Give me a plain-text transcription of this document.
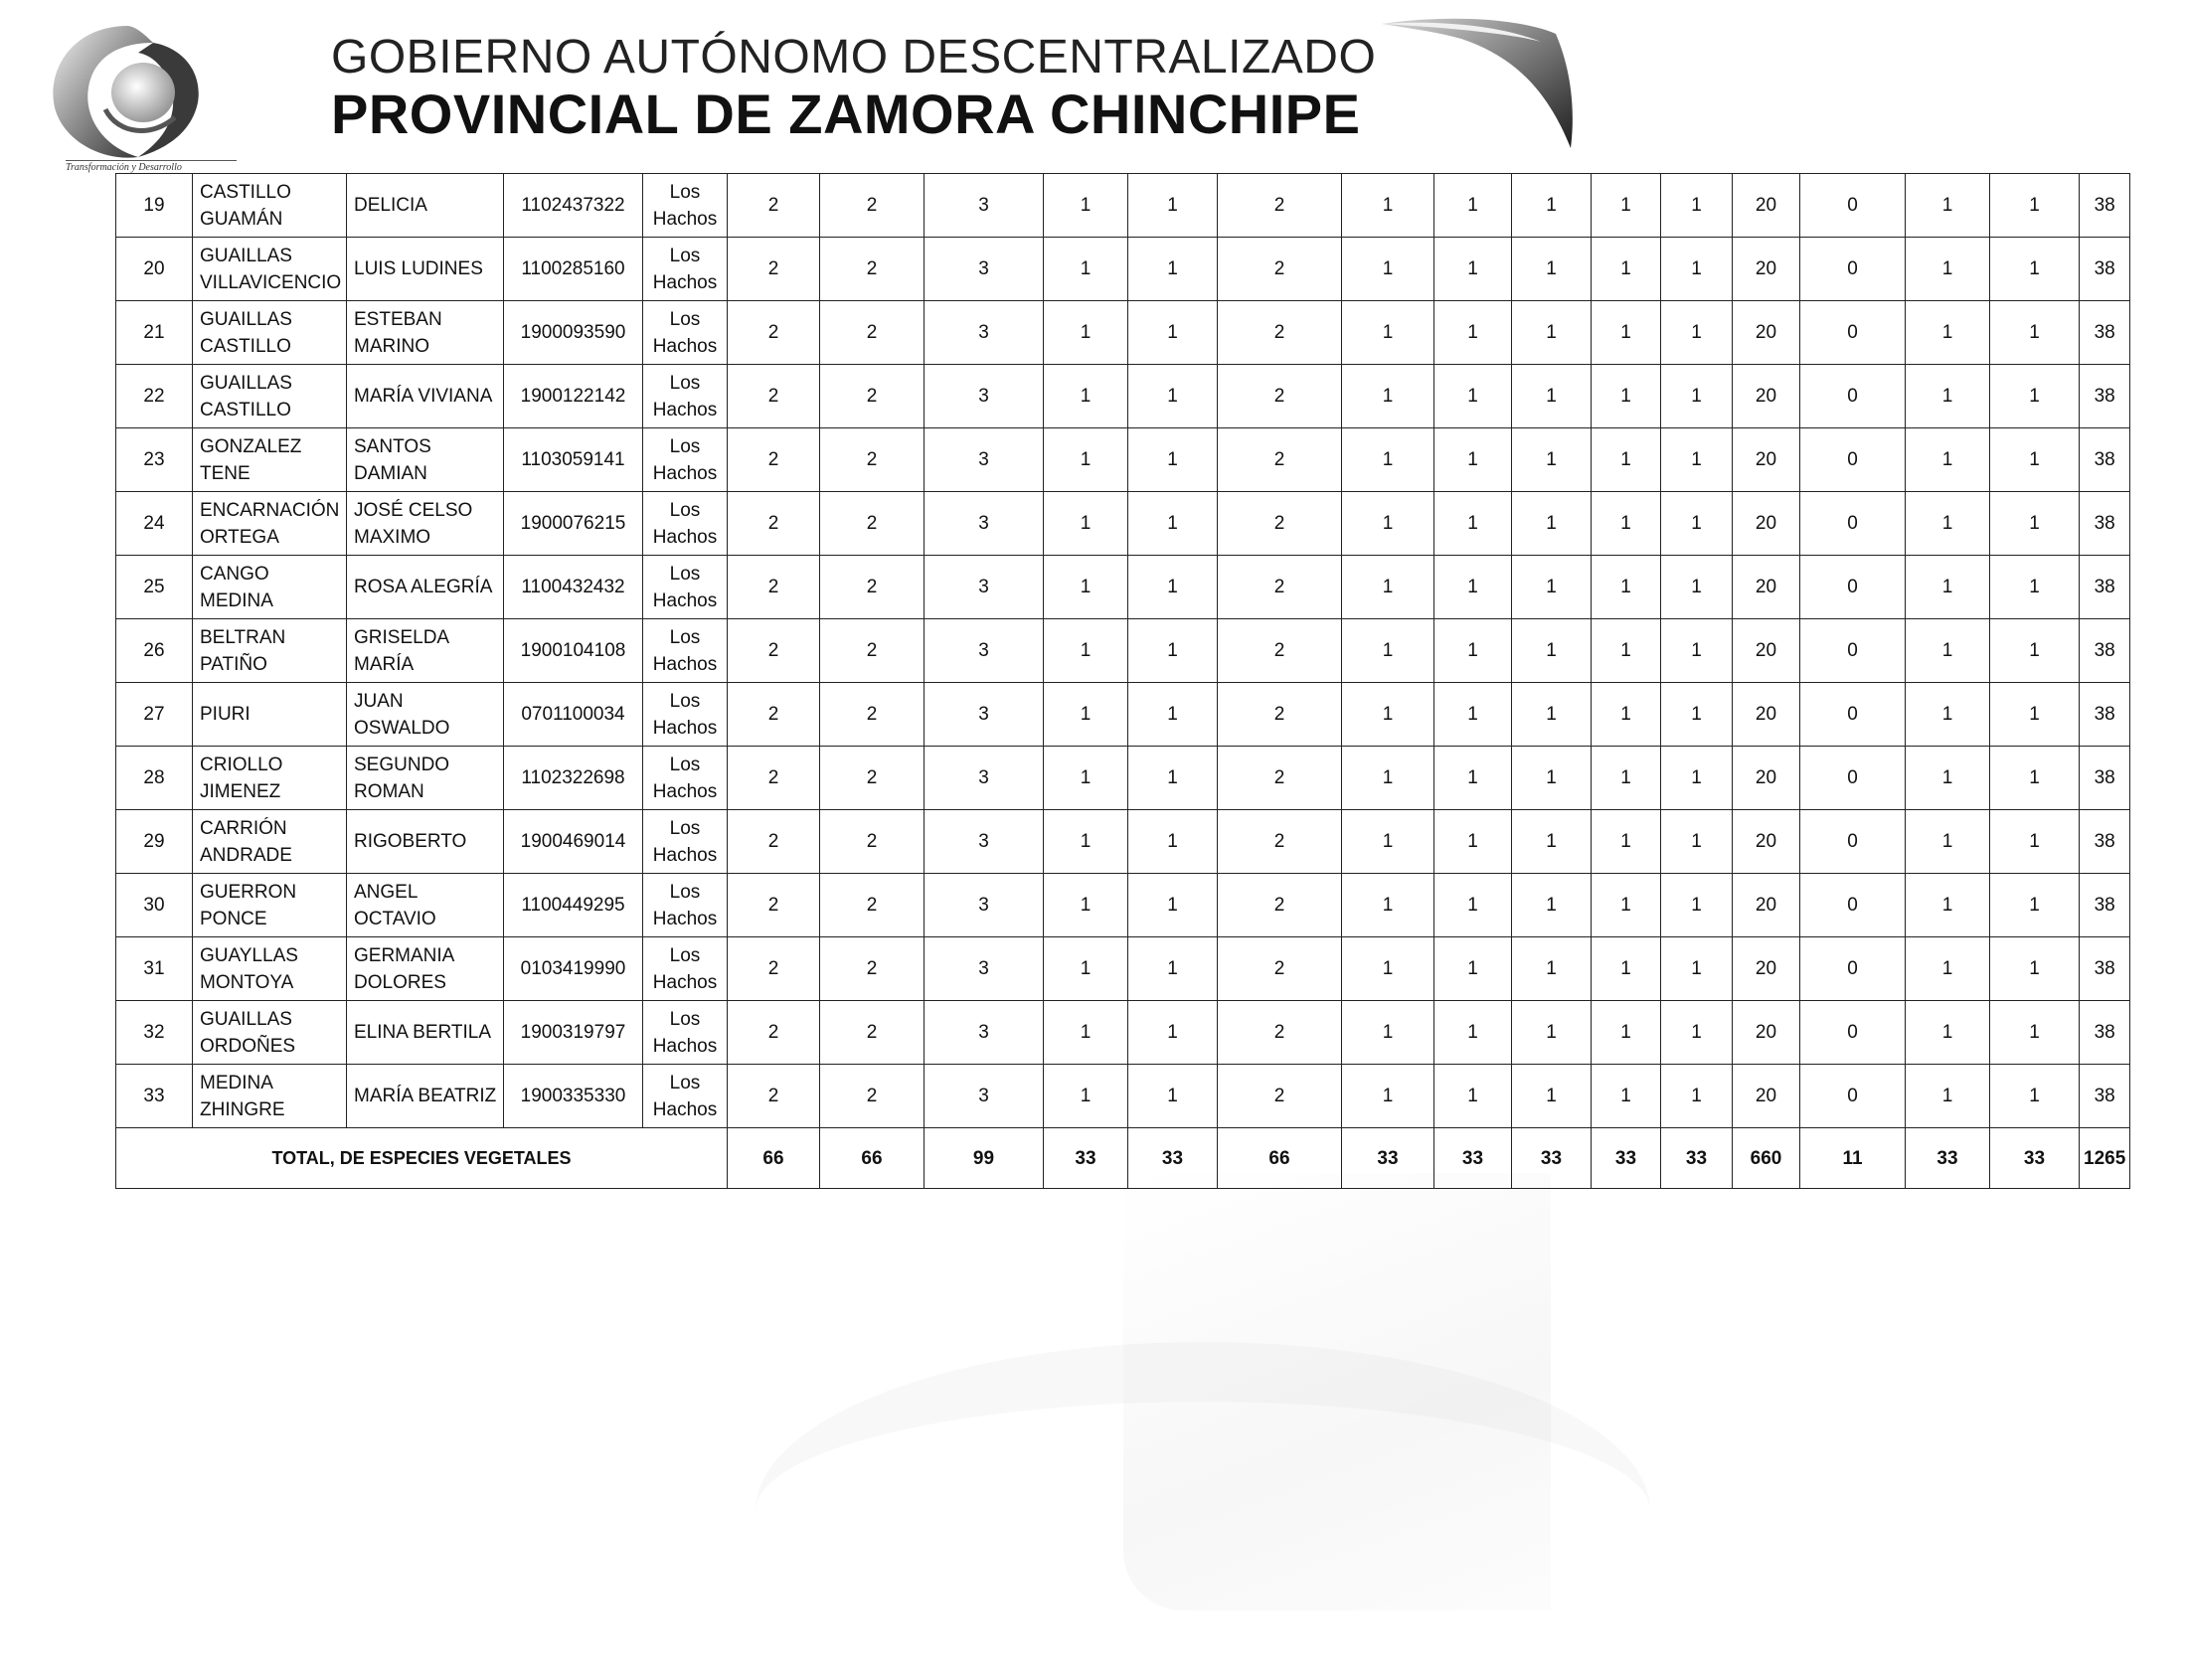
Transformación y Desarrollo
GOBIERNO AUTÓNOMO DESCENTRALIZADO
PROVINCIAL DE ZAMORA CHINCHIPE
19	CASTILLO GUAMÁN	DELICIA	1102437322	Los Hachos	2	2	3	1	1	2	1	1	1	1	1	20	0	1	1	38
20	GUAILLAS VILLAVICENCIO	LUIS LUDINES	1100285160	Los Hachos	2	2	3	1	1	2	1	1	1	1	1	20	0	1	1	38
21	GUAILLAS CASTILLO	ESTEBAN MARINO	1900093590	Los Hachos	2	2	3	1	1	2	1	1	1	1	1	20	0	1	1	38
22	GUAILLAS CASTILLO	MARÍA VIVIANA	1900122142	Los Hachos	2	2	3	1	1	2	1	1	1	1	1	20	0	1	1	38
23	GONZALEZ TENE	SANTOS DAMIAN	1103059141	Los Hachos	2	2	3	1	1	2	1	1	1	1	1	20	0	1	1	38
24	ENCARNACIÓN ORTEGA	JOSÉ CELSO MAXIMO	1900076215	Los Hachos	2	2	3	1	1	2	1	1	1	1	1	20	0	1	1	38
25	CANGO MEDINA	ROSA ALEGRÍA	1100432432	Los Hachos	2	2	3	1	1	2	1	1	1	1	1	20	0	1	1	38
26	BELTRAN PATIÑO	GRISELDA MARÍA	1900104108	Los Hachos	2	2	3	1	1	2	1	1	1	1	1	20	0	1	1	38
27	PIURI	JUAN OSWALDO	0701100034	Los Hachos	2	2	3	1	1	2	1	1	1	1	1	20	0	1	1	38
28	CRIOLLO JIMENEZ	SEGUNDO ROMAN	1102322698	Los Hachos	2	2	3	1	1	2	1	1	1	1	1	20	0	1	1	38
29	CARRIÓN ANDRADE	RIGOBERTO	1900469014	Los Hachos	2	2	3	1	1	2	1	1	1	1	1	20	0	1	1	38
30	GUERRON PONCE	ANGEL OCTAVIO	1100449295	Los Hachos	2	2	3	1	1	2	1	1	1	1	1	20	0	1	1	38
31	GUAYLLAS MONTOYA	GERMANIA DOLORES	0103419990	Los Hachos	2	2	3	1	1	2	1	1	1	1	1	20	0	1	1	38
32	GUAILLAS ORDOÑES	ELINA BERTILA	1900319797	Los Hachos	2	2	3	1	1	2	1	1	1	1	1	20	0	1	1	38
33	MEDINA ZHINGRE	MARÍA BEATRIZ	1900335330	Los Hachos	2	2	3	1	1	2	1	1	1	1	1	20	0	1	1	38
TOTAL, DE ESPECIES VEGETALES					66	66	99	33	33	66	33	33	33	33	33	660	11	33	33	1265
